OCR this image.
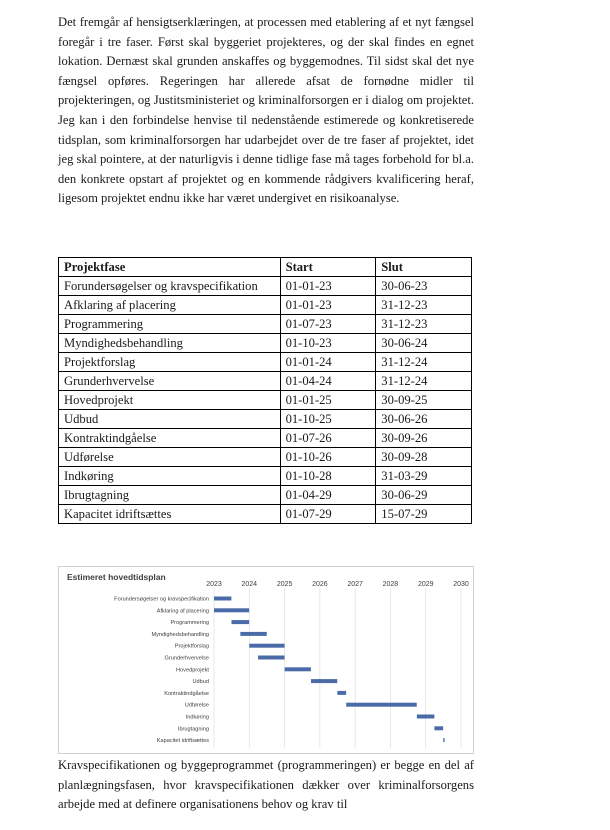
Det fremgår af hensigtserklæringen, at processen med etablering af et nyt fængsel foregår i tre faser. Først skal byggeriet projekteres, og der skal findes en egnet lokation. Dernæst skal grunden anskaffes og byggemodnes. Til sidst skal det nye fængsel opføres. Regeringen har allerede afsat de fornødne midler til projekteringen, og Justitsministeriet og kriminalforsorgen er i dialog om projektet. Jeg kan i den forbindelse henvise til nedenstående estimerede og konkretiserede tidsplan, som kriminalforsorgen har udarbejdet over de tre faser af projektet, idet jeg skal pointere, at der naturligvis i denne tidlige fase må tages forbehold for bl.a. den konkrete opstart af projektet og en kommende rådgivers kvalificering heraf, ligesom projektet endnu ikke har været undergivet en risikoanalyse.

Projektfase	Start	Slut
Forundersøgelser og kravspecifikation	01-01-23	30-06-23
Afklaring af placering	01-01-23	31-12-23
Programmering	01-07-23	31-12-23
Myndighedsbehandling	01-10-23	30-06-24
Projektforslag	01-01-24	31-12-24
Grunderhvervelse	01-04-24	31-12-24
Hovedprojekt	01-01-25	30-09-25
Udbud	01-10-25	30-06-26
Kontraktindgåelse	01-07-26	30-09-26
Udførelse	01-10-26	30-09-28
Indkøring	01-10-28	31-03-29
Ibrugtagning	01-04-29	30-06-29
Kapacitet idriftsættes	01-07-29	15-07-29
Estimeret hovedtidsplan
2023	2024	2025	2026	2027	2028	2029	2030
Forundersøgelser og kravspecifikation
Afklaring af placering
Programmering
Myndighedsbehandling
Projektforslag
Grunderhvervelse
Hovedprojekt
Udbud
Kontraktindgåelse
Udførelse
Indkøring
Ibrugtagning
Kapacitet idriftsættes

Kravspecifikationen og byggeprogrammet (programmeringen) er begge en del af planlægningsfasen, hvor kravspecifikationen dækker over kriminalforsorgens arbejde med at definere organisationens behov og krav til
